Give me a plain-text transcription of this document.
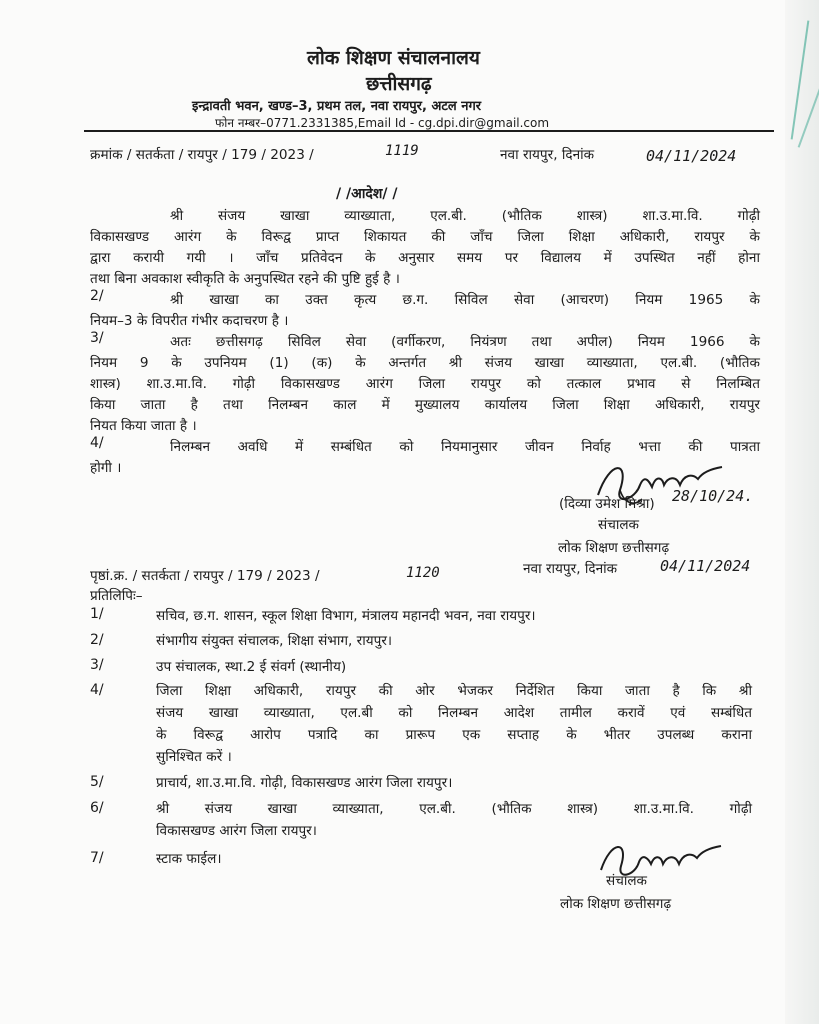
लोक शिक्षण संचालनालय
छत्तीसगढ़
इन्द्रावती भवन, खण्ड–3, प्रथम तल, नवा रायपुर, अटल नगर
फोन नम्बर–0771.2331385,Email Id - cg.dpi.dir@gmail.com
क्रमांक / सतर्कता / रायपुर / 179 / 2023 /	1119	नवा रायपुर, दिनांक	04/11/2024
/ /आदेश/ /
श्री संजय खाखा व्याख्याता, एल.बी. (भौतिक शास्त्र) शा.उ.मा.वि. गोढ़ी
विकासखण्ड आरंग के विरूद्व प्राप्त शिकायत की जाँच जिला शिक्षा अधिकारी, रायपुर के
द्वारा करायी गयी । जाँच प्रतिवेदन के अनुसार समय पर विद्यालय में उपस्थित नहीं होना
तथा बिना अवकाश स्वीकृति के अनुपस्थित रहने की पुष्टि हुई है ।
2/	श्री खाखा का उक्त कृत्य छ.ग. सिविल सेवा (आचरण) नियम 1965 के
नियम–3 के विपरीत गंभीर कदाचरण है ।
3/	अतः छत्तीसगढ़ सिविल सेवा (वर्गीकरण, नियंत्रण तथा अपील) नियम 1966 के
नियम 9 के उपनियम (1) (क) के अन्तर्गत श्री संजय खाखा व्याख्याता, एल.बी. (भौतिक
शास्त्र) शा.उ.मा.वि. गोढ़ी विकासखण्ड आरंग जिला रायपुर को तत्काल प्रभाव से निलम्बित
किया जाता है तथा निलम्बन काल में मुख्यालय कार्यालय जिला शिक्षा अधिकारी, रायपुर
नियत किया जाता है ।
4/	निलम्बन अवधि में सम्बंधित को नियमानुसार जीवन निर्वाह भत्ता की पात्रता
होगी ।
(दिव्या उमेश मिश्रा) 28/10/24.
संचालक
लोक शिक्षण छत्तीसगढ़
नवा रायपुर, दिनांक	04/11/2024
पृष्ठां.क्र. / सतर्कता / रायपुर / 179 / 2023 /	1120
प्रतिलिपिः–
1/	सचिव, छ.ग. शासन, स्कूल शिक्षा विभाग, मंत्रालय महानदी भवन, नवा रायपुर।
2/	संभागीय संयुक्त संचालक, शिक्षा संभाग, रायपुर।
3/	उप संचालक, स्था.2 ई संवर्ग (स्थानीय)
4/	जिला शिक्षा अधिकारी, रायपुर की ओर भेजकर निर्देशित किया जाता है कि श्री
संजय खाखा व्याख्याता, एल.बी को निलम्बन आदेश तामील करावें एवं सम्बंधित
के विरूद्व आरोप पत्रादि का प्रारूप एक सप्ताह के भीतर उपलब्ध कराना
सुनिश्चित करें ।
5/	प्राचार्य, शा.उ.मा.वि. गोढ़ी, विकासखण्ड आरंग जिला रायपुर।
6/	श्री संजय खाखा व्याख्याता, एल.बी. (भौतिक शास्त्र) शा.उ.मा.वि. गोढ़ी
विकासखण्ड आरंग जिला रायपुर।
7/	स्टाक फाईल।
संचालक
लोक शिक्षण छत्तीसगढ़
